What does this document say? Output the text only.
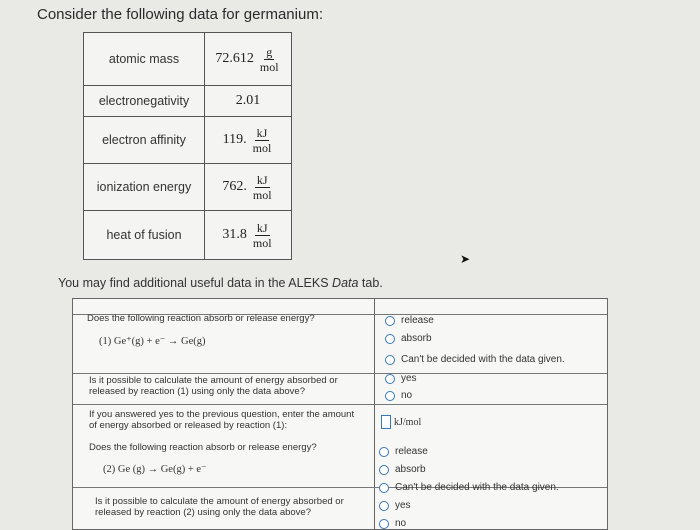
Consider the following data for germanium:
atomic mass	$72.612 \frac{g}{\text{mol}}$
electronegativity	2.01
electron affinity	119. $\frac{kJ}{\text{mol}}$
ionization energy	762. $\frac{kJ}{\text{mol}}$
heat of fusion	$31.8 \frac{kJ}{\text{mol}}$
You may find additional useful data in the ALEKS Data tab.
➤
Does the following reaction absorb or release energy?
(1) Ge⁺(g) + e⁻ → Ge(g)
release
absorb
Can't be decided with the data given.
Is it possible to calculate the amount of energy absorbed or released by reaction (1) using only the data above?
yes
no
If you answered yes to the previous question, enter the amount of energy absorbed or released by reaction (1):	kJ/mol
Does the following reaction absorb or release energy?
(2) Ge (g) → Ge(g) + e⁻
release
absorb
Can't be decided with the data given.
Is it possible to calculate the amount of energy absorbed or released by reaction (2) using only the data above?
yes
no
